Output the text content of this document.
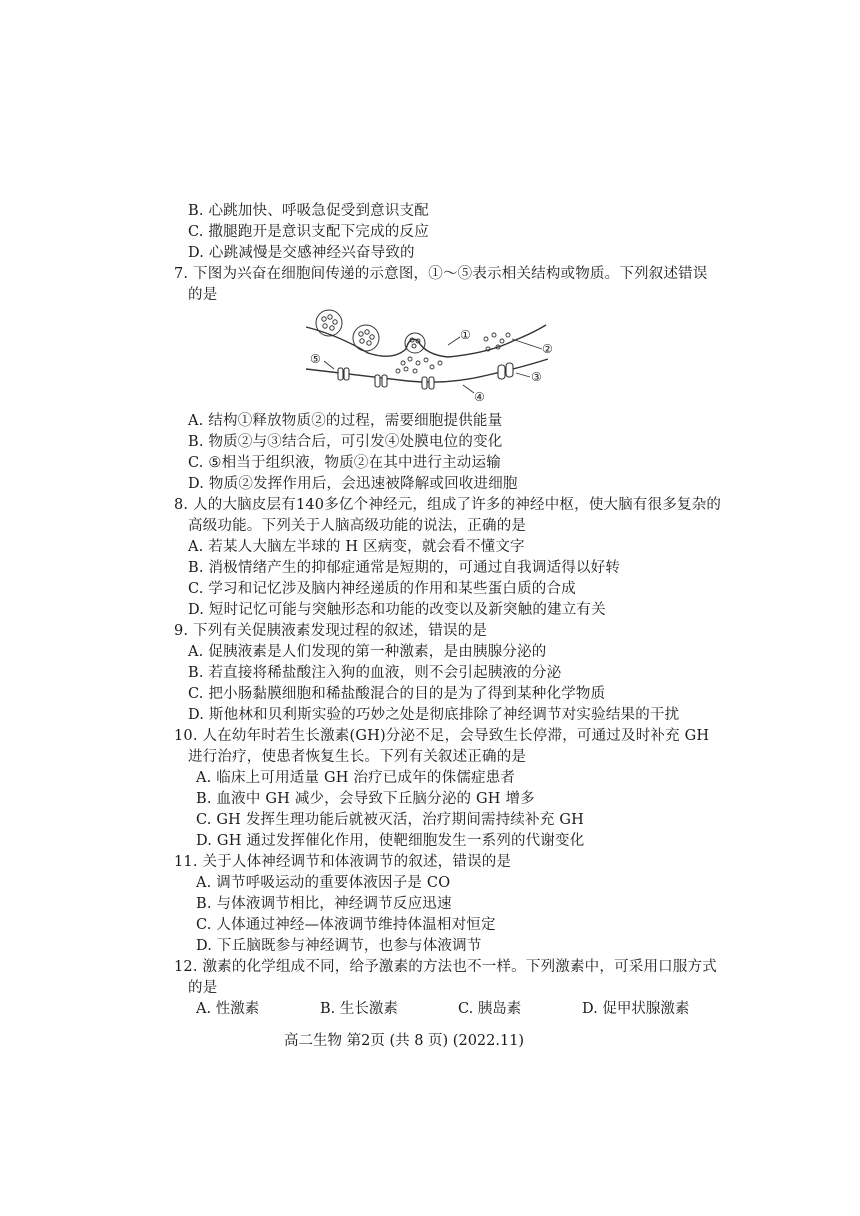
B. 心跳加快、呼吸急促受到意识支配
C. 撒腿跑开是意识支配下完成的反应
D. 心跳减慢是交感神经兴奋导致的
7. 下图为兴奋在细胞间传递的示意图，①～⑤表示相关结构或物质。下列叙述错误
的是
①
②
③
④
⑤
A. 结构①释放物质②的过程，需要细胞提供能量
B. 物质②与③结合后，可引发④处膜电位的变化
C. ⑤相当于组织液，物质②在其中进行主动运输
D. 物质②发挥作用后，会迅速被降解或回收进细胞
8. 人的大脑皮层有140多亿个神经元，组成了许多的神经中枢，使大脑有很多复杂的
高级功能。下列关于人脑高级功能的说法，正确的是
A. 若某人大脑左半球的 H 区病变，就会看不懂文字
B. 消极情绪产生的抑郁症通常是短期的，可通过自我调适得以好转
C. 学习和记忆涉及脑内神经递质的作用和某些蛋白质的合成
D. 短时记忆可能与突触形态和功能的改变以及新突触的建立有关
9. 下列有关促胰液素发现过程的叙述，错误的是
A. 促胰液素是人们发现的第一种激素，是由胰腺分泌的
B. 若直接将稀盐酸注入狗的血液，则不会引起胰液的分泌
C. 把小肠黏膜细胞和稀盐酸混合的目的是为了得到某种化学物质
D. 斯他林和贝利斯实验的巧妙之处是彻底排除了神经调节对实验结果的干扰
10. 人在幼年时若生长激素(GH)分泌不足，会导致生长停滞，可通过及时补充 GH
进行治疗，使患者恢复生长。下列有关叙述正确的是
A. 临床上可用适量 GH 治疗已成年的侏儒症患者
B. 血液中 GH 减少，会导致下丘脑分泌的 GH 增多
C. GH 发挥生理功能后就被灭活，治疗期间需持续补充 GH
D. GH 通过发挥催化作用，使靶细胞发生一系列的代谢变化
11. 关于人体神经调节和体液调节的叙述，错误的是
A. 调节呼吸运动的重要体液因子是 CO
B. 与体液调节相比，神经调节反应迅速
C. 人体通过神经—体液调节维持体温相对恒定
D. 下丘脑既参与神经调节，也参与体液调节
12. 激素的化学组成不同，给予激素的方法也不一样。下列激素中，可采用口服方式
的是
A. 性激素	B. 生长激素	C. 胰岛素	D. 促甲状腺激素
高二生物 第2页 (共 8 页) (2022.11)
